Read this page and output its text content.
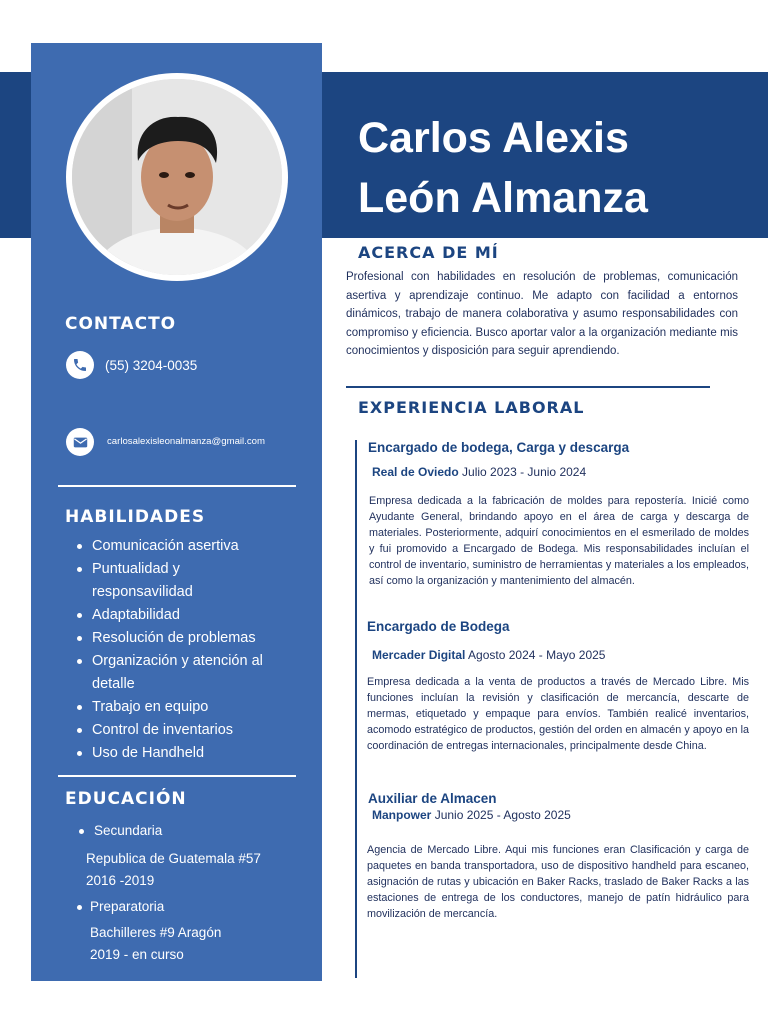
Carlos Alexis
León Almanza
CONTACTO
(55) 3204-0035
carlosalexisleonalmanza@gmail.com
HABILIDADES
Comunicación asertiva
Puntualidad y
responsavilidad
Adaptabilidad
Resolución de problemas
Organización y atención al
detalle
Trabajo en equipo
Control de inventarios
Uso de Handheld
EDUCACIÓN
Secundaria
Republica de Guatemala #57
2016 -2019
Preparatoria
Bachilleres #9 Aragón
2019 - en curso
ACERCA DE MÍ
Profesional con habilidades en resolución de problemas, comunicación asertiva y aprendizaje continuo. Me adapto con facilidad a entornos dinámicos, trabajo de manera colaborativa y asumo responsabilidades con compromiso y eficiencia. Busco aportar valor a la organización mediante mis conocimientos y disposición para seguir aprendiendo.
EXPERIENCIA LABORAL
Encargado de bodega, Carga y descarga
Real de Oviedo Julio 2023 - Junio 2024
Empresa dedicada a la fabricación de moldes para repostería. Inicié como Ayudante General, brindando apoyo en el área de carga y descarga de materiales. Posteriormente, adquirí conocimientos en el esmerilado de moldes y fui promovido a Encargado de Bodega. Mis responsabilidades incluían el control de inventario, suministro de herramientas y materiales a los empleados, así como la organización y mantenimiento del almacén.
Encargado de Bodega
Mercader Digital Agosto 2024 - Mayo 2025
Empresa dedicada a la venta de productos a través de Mercado Libre. Mis funciones incluían la revisión y clasificación de mercancía, descarte de mermas, etiquetado y empaque para envíos. También realicé inventarios, acomodo estratégico de productos, gestión del orden en almacén y apoyo en la coordinación de entregas internacionales, principalmente desde China.
Auxiliar de Almacen
Manpower Junio 2025 - Agosto 2025
Agencia de Mercado Libre. Aqui mis funciones eran Clasificación y carga de paquetes en banda transportadora, uso de dispositivo handheld para escaneo, asignación de rutas y ubicación en Baker Racks, traslado de Baker Racks a las estaciones de entrega de los conductores, manejo de patín hidráulico para movilización de mercancía.
